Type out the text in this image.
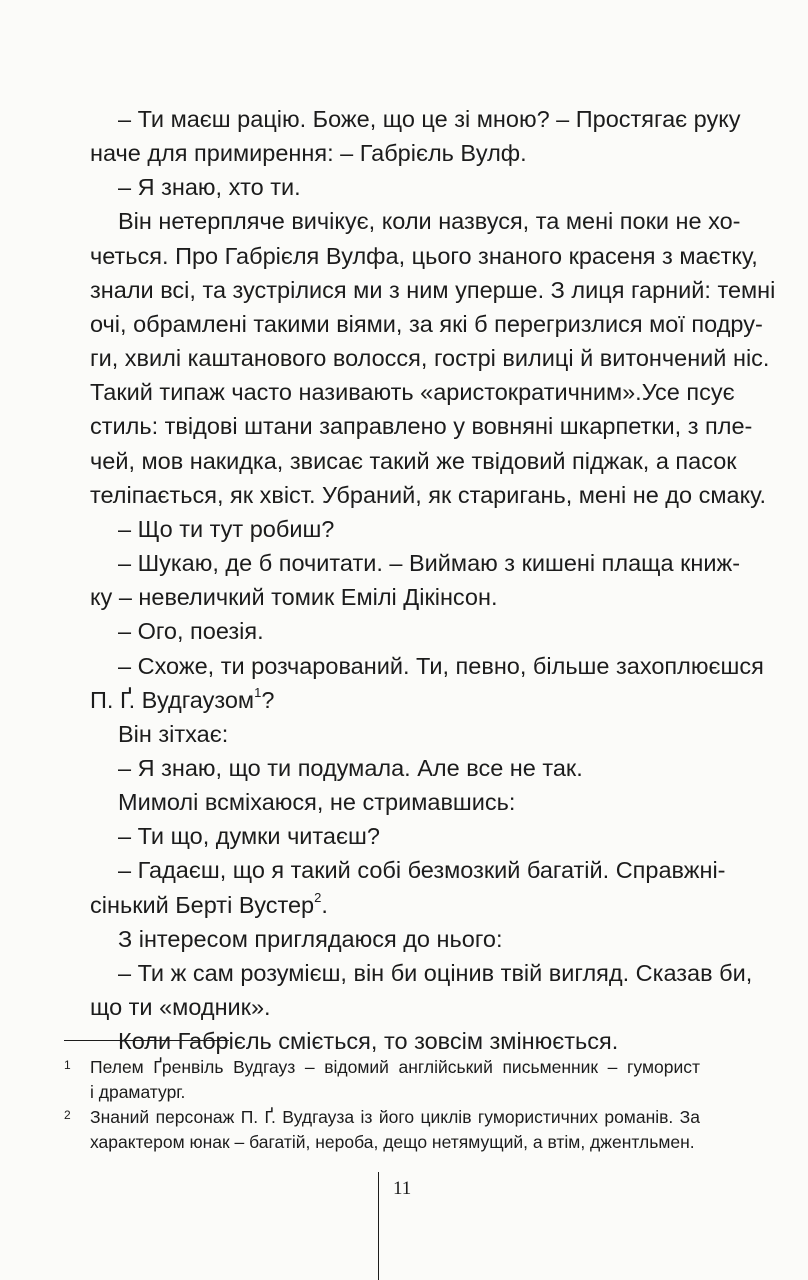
– Ти маєш рацію. Боже, що це зі мною? – Простягає руку
наче для примирення: – Габрієль Вулф.
– Я знаю, хто ти.
Він нетерпляче вичікує, коли назвуся, та мені поки не хо-
четься. Про Габрієля Вулфа, цього знаного красеня з маєтку,
знали всі, та зустрілися ми з ним уперше. З лиця гарний: темні
очі, обрамлені такими віями, за які б перегризлися мої подру-
ги, хвилі каштанового волосся, гострі вилиці й витончений ніс.
Такий типаж часто називають «аристократичним».Усе псує
стиль: твідові штани заправлено у вовняні шкарпетки, з пле-
чей, мов накидка, звисає такий же твідовий піджак, а пасок
теліпається, як хвіст. Убраний, як старигань, мені не до смаку.
– Що ти тут робиш?
– Шукаю, де б почитати. – Виймаю з кишені плаща книж-
ку – невеличкий томик Емілі Дікінсон.
– Ого, поезія.
– Схоже, ти розчарований. Ти, певно, більше захоплюєшся
П. Ґ. Вудгаузом$^1$?
Він зітхає:
– Я знаю, що ти подумала. Але все не так.
Мимолі всміхаюся, не стримавшись:
– Ти що, думки читаєш?
– Гадаєш, що я такий собі безмозкий багатій. Справжні-
сінький Берті Вустер$^2$.
З інтересом приглядаюся до нього:
– Ти ж сам розумієш, він би оцінив твій вигляд. Сказав би,
що ти «модник».
Коли Габрієль сміється, то зовсім змінюється.
1 Пелем Ґренвіль Вудгауз – відомий англійський письменник – гуморист
і драматург.
2 Знаний персонаж П. Ґ. Вудгауза із його циклів гумористичних романів. За
характером юнак – багатій, нероба, дещо нетямущий, а втім, джентльмен.
11
